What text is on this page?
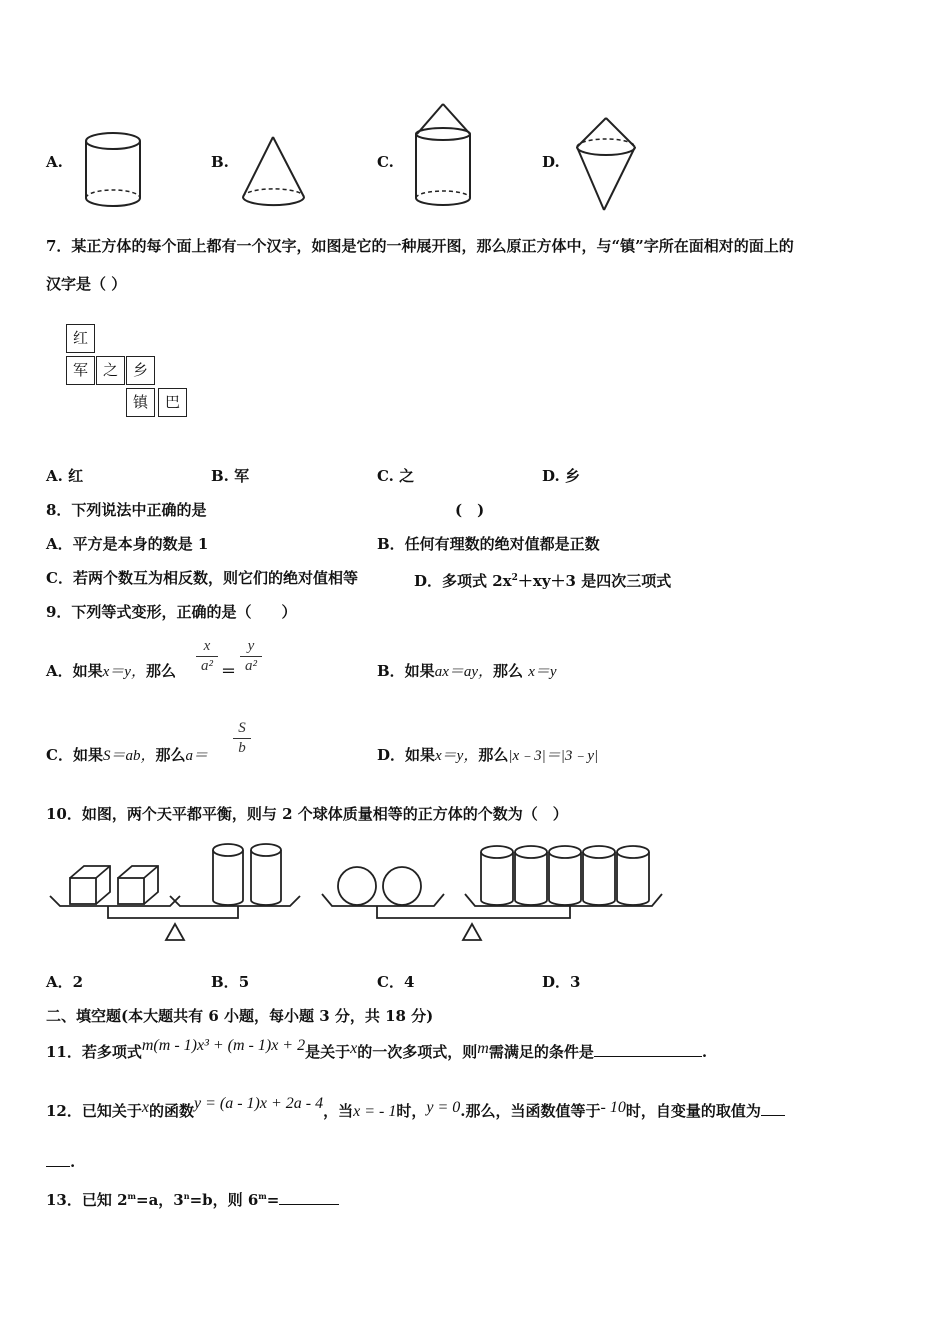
A.	B.	C.	D.
7．某正方体的每个面上都有一个汉字，如图是它的一种展开图，那么原正方体中，与“镇”字所在面相对的面上的
汉字是（ ）
红
军 之 乡
镇	巴
A. 红	B. 军	C. 之	D. 乡
8．下列说法中正确的是	(　)
A．平方是本身的数是 1	B．任何有理数的绝对值都是正数
C．若两个数互为相反数，则它们的绝对值相等	D．多项式 $2x^2+xy+3$ 是四次三项式
9．下列等式变形，正确的是（　　）
A．如果x＝y，那么
x
a² ＝
y
a²	B．如果ax＝ay，那么 x＝y
C．如果S＝ab，那么a＝
S
b	D．如果x＝y，那么|x﹣3|＝|3﹣y|
10．如图，两个天平都平衡，则与 2 个球体质量相等的正方体的个数为（　）
A．2	B．5	C．4	D．3
二、填空题(本大题共有 6 小题，每小题 3 分，共 18 分)
11．若多项式m(m - 1)x³ + (m - 1)x + 2是关于x的一次多项式，则m需满足的条件是	.
12．已知关于x的函数y = (a - 1)x + 2a - 4，当x = - 1时，y = 0.那么，当函数值等于- 10时，自变量的取值为
.
13．已知 $2^m=a$，$3^n=b$，则 $6^m=$
